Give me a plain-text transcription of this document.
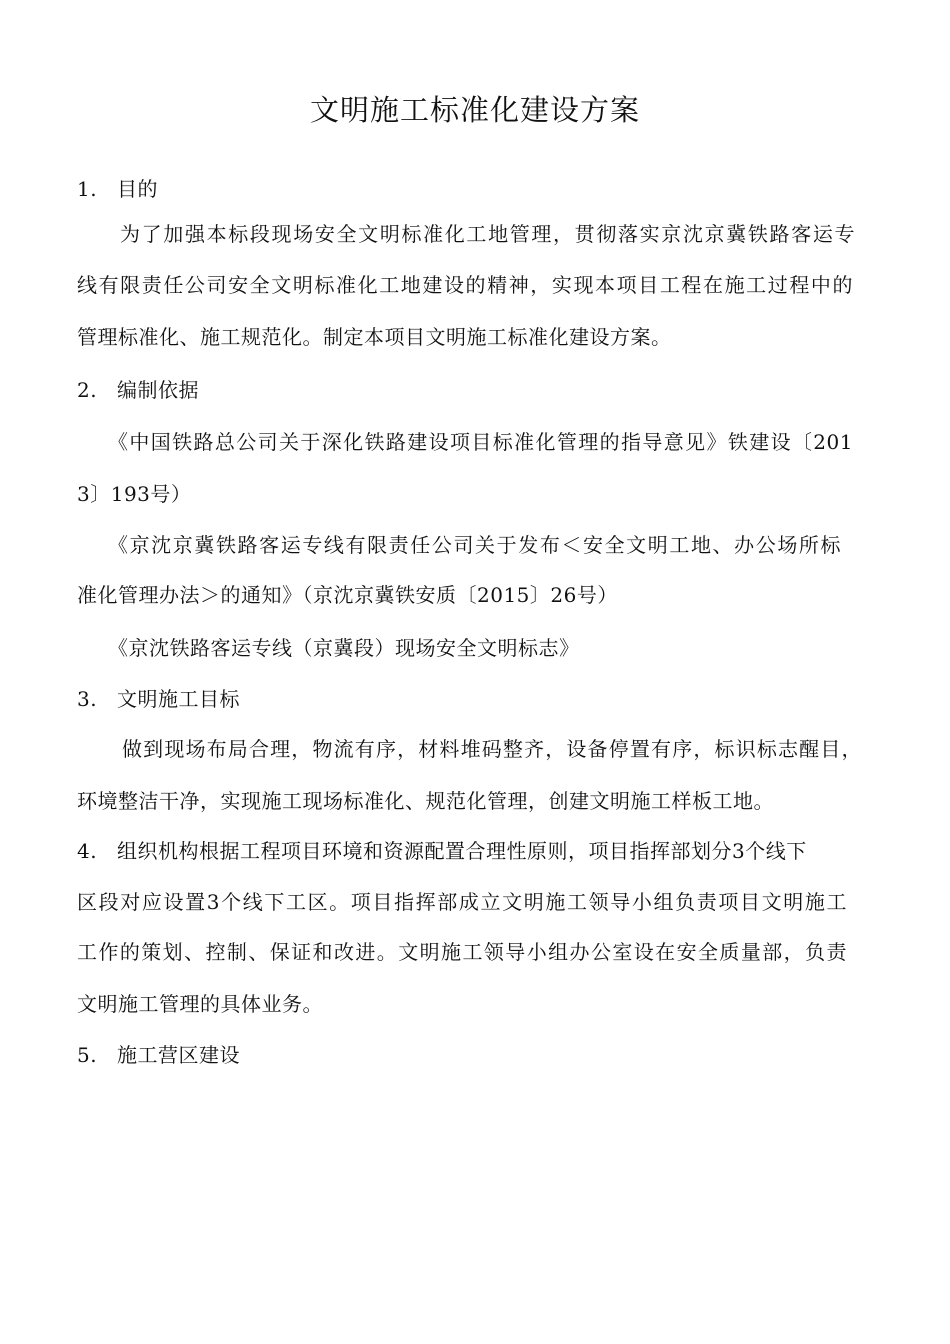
文明施工标准化建设方案
1. 目的
为了加强本标段现场安全文明标准化工地管理，贯彻落实京沈京冀铁路客运专
线有限责任公司安全文明标准化工地建设的精神，实现本项目工程在施工过程中的
管理标准化、施工规范化。制定本项目文明施工标准化建设方案。
2. 编制依据
《中国铁路总公司关于深化铁路建设项目标准化管理的指导意见》铁建设〔201
3〕193号）
《京沈京冀铁路客运专线有限责任公司关于发布＜安全文明工地、办公场所标
准化管理办法＞的通知》（京沈京冀铁安质〔2015〕26号）
《京沈铁路客运专线（京冀段）现场安全文明标志》
3. 文明施工目标
做到现场布局合理，物流有序，材料堆码整齐，设备停置有序，标识标志醒目，
环境整洁干净，实现施工现场标准化、规范化管理，创建文明施工样板工地。
4. 组织机构根据工程项目环境和资源配置合理性原则，项目指挥部划分3个线下
区段对应设置3个线下工区。项目指挥部成立文明施工领导小组负责项目文明施工
工作的策划、控制、保证和改进。文明施工领导小组办公室设在安全质量部，负责
文明施工管理的具体业务。
5. 施工营区建设
